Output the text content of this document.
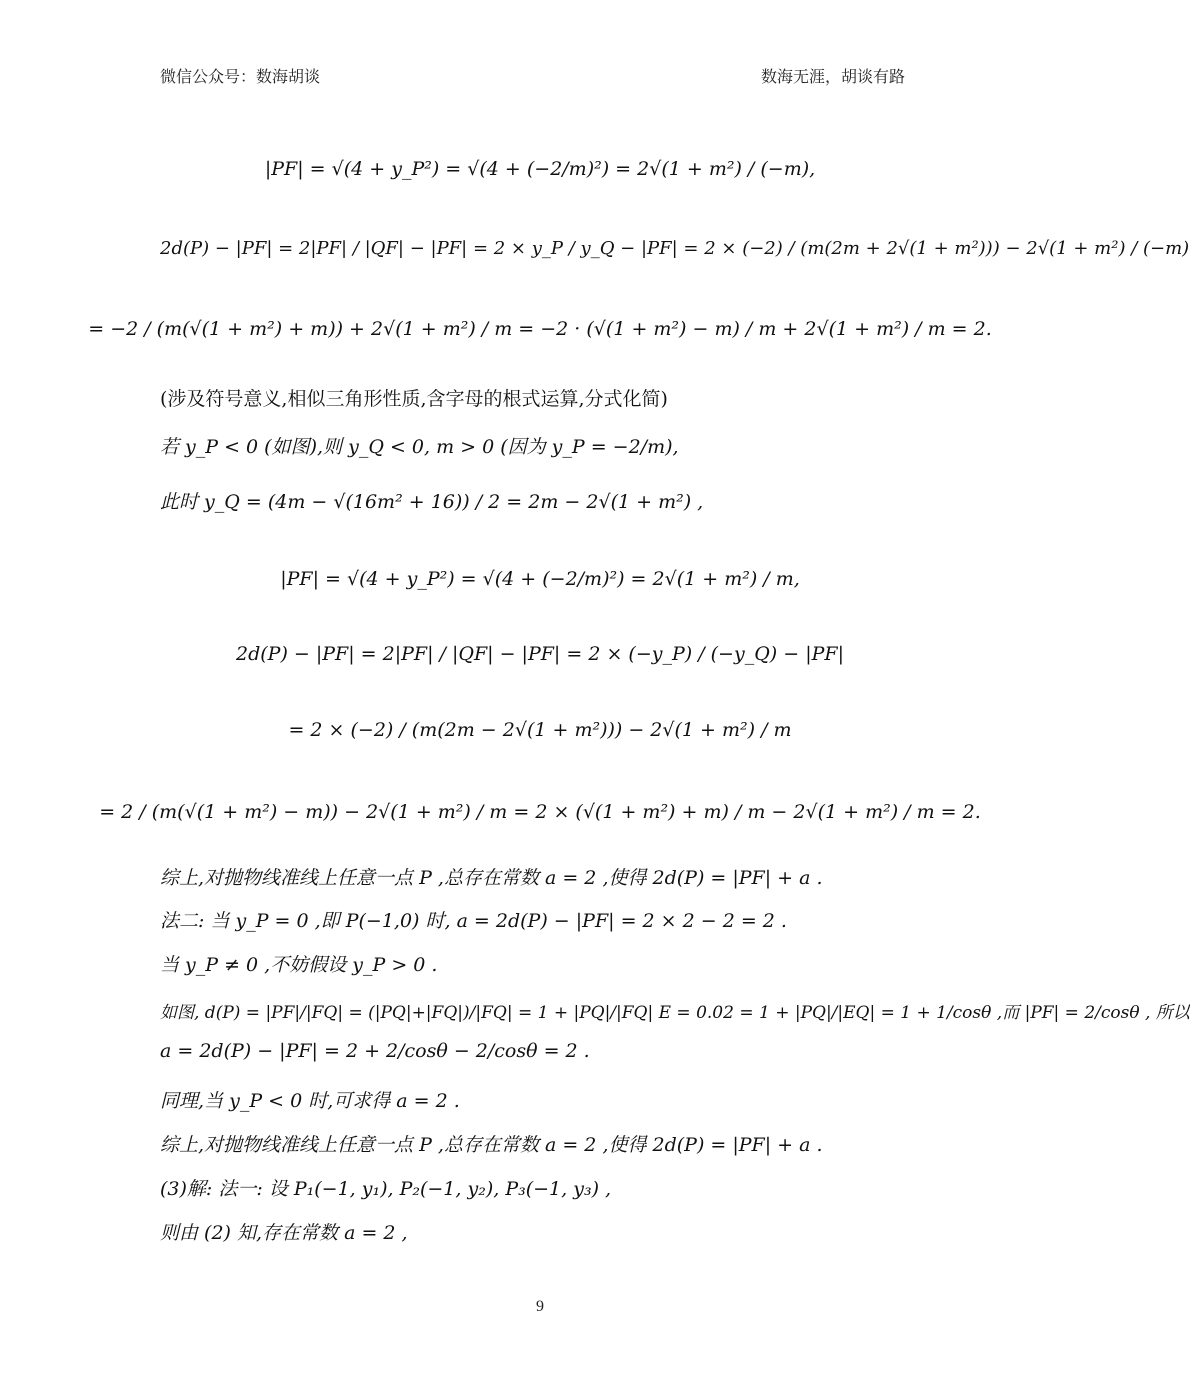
微信公众号：数海胡谈	数海无涯，胡谈有路
|PF| = √(4 + y_P²) = √(4 + (−2/m)²) = 2√(1 + m²) / (−m),
2d(P) − |PF| = 2|PF| / |QF| − |PF| = 2 × y_P / y_Q − |PF| = 2 × (−2) / (m(2m + 2√(1 + m²))) − 2√(1 + m²) / (−m)
= −2 / (m(√(1 + m²) + m)) + 2√(1 + m²) / m = −2 · (√(1 + m²) − m) / m + 2√(1 + m²) / m = 2.
(涉及符号意义,相似三角形性质,含字母的根式运算,分式化简)
若 y_P < 0 (如图),则 y_Q < 0, m > 0 (因为 y_P = −2/m),
此时 y_Q = (4m − √(16m² + 16)) / 2 = 2m − 2√(1 + m²) ,
|PF| = √(4 + y_P²) = √(4 + (−2/m)²) = 2√(1 + m²) / m,
2d(P) − |PF| = 2|PF| / |QF| − |PF| = 2 × (−y_P) / (−y_Q) − |PF|
= 2 × (−2) / (m(2m − 2√(1 + m²))) − 2√(1 + m²) / m
= 2 / (m(√(1 + m²) − m)) − 2√(1 + m²) / m = 2 × (√(1 + m²) + m) / m − 2√(1 + m²) / m = 2.
综上,对抛物线准线上任意一点 P ,总存在常数 a = 2 ,使得 2d(P) = |PF| + a .
法二: 当 y_P = 0 ,即 P(−1,0) 时, a = 2d(P) − |PF| = 2 × 2 − 2 = 2 .
当 y_P ≠ 0 ,不妨假设 y_P > 0 .
如图, d(P) = |PF|/|FQ| = (|PQ|+|FQ|)/|FQ| = 1 + |PQ|/|FQ| E = 0.02 = 1 + |PQ|/|EQ| = 1 + 1/cosθ ,而 |PF| = 2/cosθ , 所以
a = 2d(P) − |PF| = 2 + 2/cosθ − 2/cosθ = 2 .
同理,当 y_P < 0 时,可求得 a = 2 .
综上,对抛物线准线上任意一点 P ,总存在常数 a = 2 ,使得 2d(P) = |PF| + a .
(3)解: 法一: 设 P₁(−1, y₁), P₂(−1, y₂), P₃(−1, y₃) ,
则由 (2) 知,存在常数 a = 2 ,
9
